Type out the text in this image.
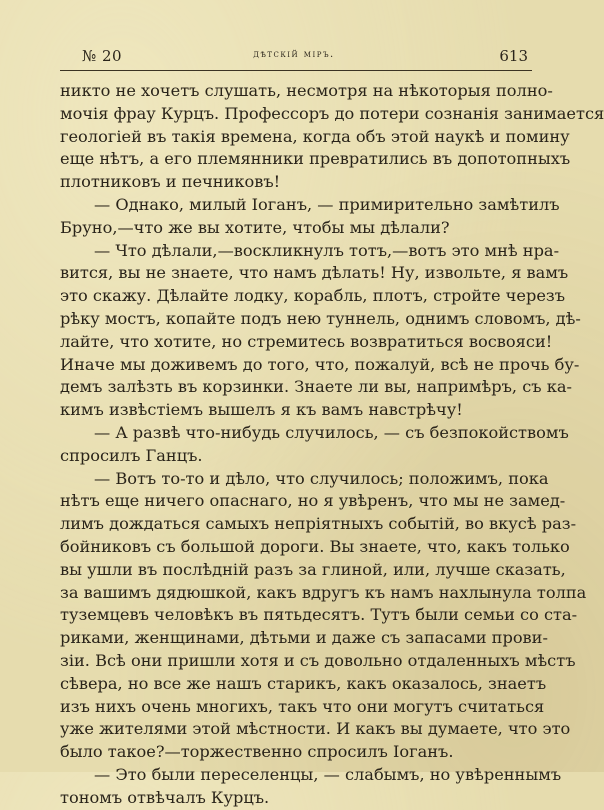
№ 20	дѣтскій міръ.	613
никто не хочетъ слушать, несмотря на нѣкоторыя полно-
мочія фрау Курцъ. Профессоръ до потери сознанія занимается
геологіей въ такія времена, когда объ этой наукѣ и помину
еще нѣтъ, а его племянники превратились въ допотопныхъ
плотниковъ и печниковъ!
— Однако, милый Іоганъ, — примирительно замѣтилъ
Бруно,—что же вы хотите, чтобы мы дѣлали?
— Что дѣлали,—воскликнулъ тотъ,—вотъ это мнѣ нра-
вится, вы не знаете, что намъ дѣлать! Ну, извольте, я вамъ
это скажу. Дѣлайте лодку, корабль, плотъ, стройте черезъ
рѣку мостъ, копайте подъ нею туннель, однимъ словомъ, дѣ-
лайте, что хотите, но стремитесь возвратиться восвояси!
Иначе мы доживемъ до того, что, пожалуй, всѣ не прочь бу-
демъ залѣзть въ корзинки. Знаете ли вы, напримѣръ, съ ка-
кимъ извѣстіемъ вышелъ я къ вамъ навстрѣчу!
— А развѣ что-нибудь случилось, — съ безпокойствомъ
спросилъ Ганцъ.
— Вотъ то-то и дѣло, что случилось; положимъ, пока
нѣтъ еще ничего опаснаго, но я увѣренъ, что мы не замед-
лимъ дождаться самыхъ непріятныхъ событій, во вкусѣ раз-
бойниковъ съ большой дороги. Вы знаете, что, какъ только
вы ушли въ послѣдній разъ за глиной, или, лучше сказать,
за вашимъ дядюшкой, какъ вдругъ къ намъ нахлынула толпа
туземцевъ человѣкъ въ пятьдесятъ. Тутъ были семьи со ста-
риками, женщинами, дѣтьми и даже съ запасами прови-
зіи. Всѣ они пришли хотя и съ довольно отдаленныхъ мѣстъ
сѣвера, но все же нашъ старикъ, какъ оказалось, знаетъ
изъ нихъ очень многихъ, такъ что они могутъ считаться
уже жителями этой мѣстности. И какъ вы думаете, что это
было такое?—торжественно спросилъ Іоганъ.
— Это были переселенцы, — слабымъ, но увѣреннымъ
тономъ отвѣчалъ Курцъ.
